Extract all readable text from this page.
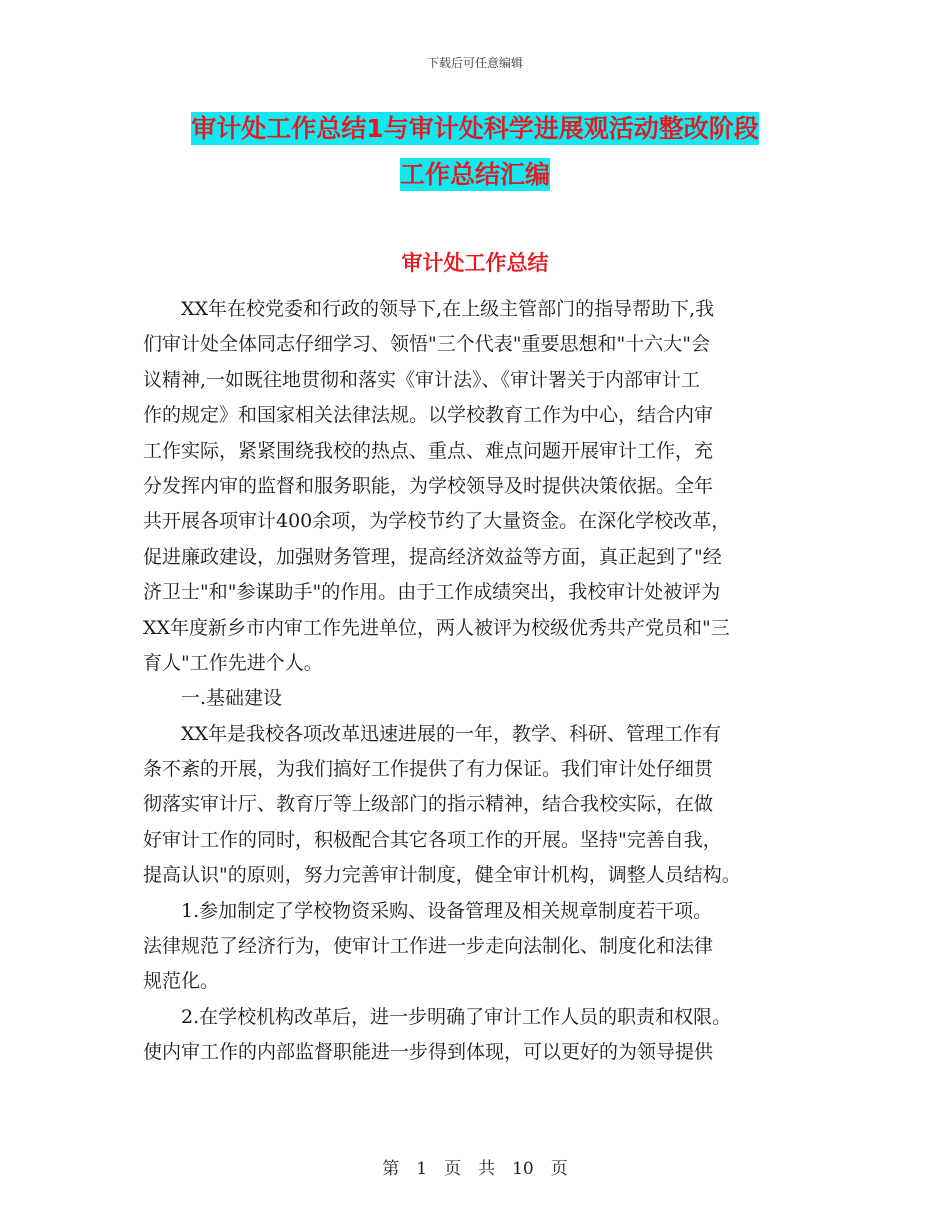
下载后可任意编辑
审计处工作总结1与审计处科学进展观活动整改阶段
工作总结汇编
审计处工作总结
　　XX年在校党委和行政的领导下,在上级主管部门的指导帮助下,我
们审计处全体同志仔细学习、领悟"三个代表"重要思想和"十六大"会
议精神,一如既往地贯彻和落实《审计法》、《审计署关于内部审计工
作的规定》和国家相关法律法规。以学校教育工作为中心，结合内审
工作实际，紧紧围绕我校的热点、重点、难点问题开展审计工作，充
分发挥内审的监督和服务职能，为学校领导及时提供决策依据。全年
共开展各项审计400余项，为学校节约了大量资金。在深化学校改革，
促进廉政建设，加强财务管理，提高经济效益等方面，真正起到了"经
济卫士"和"参谋助手"的作用。由于工作成绩突出，我校审计处被评为
XX年度新乡市内审工作先进单位，两人被评为校级优秀共产党员和"三
育人"工作先进个人。
　　一.基础建设
　　XX年是我校各项改革迅速进展的一年，教学、科研、管理工作有
条不紊的开展，为我们搞好工作提供了有力保证。我们审计处仔细贯
彻落实审计厅、教育厅等上级部门的指示精神，结合我校实际，在做
好审计工作的同时，积极配合其它各项工作的开展。坚持"完善自我，
提高认识"的原则，努力完善审计制度，健全审计机构，调整人员结构。
　　1.参加制定了学校物资采购、设备管理及相关规章制度若干项。
法律规范了经济行为，使审计工作进一步走向法制化、制度化和法律
规范化。
　　2.在学校机构改革后，进一步明确了审计工作人员的职责和权限。
使内审工作的内部监督职能进一步得到体现，可以更好的为领导提供
第　1　页　共　10　页
